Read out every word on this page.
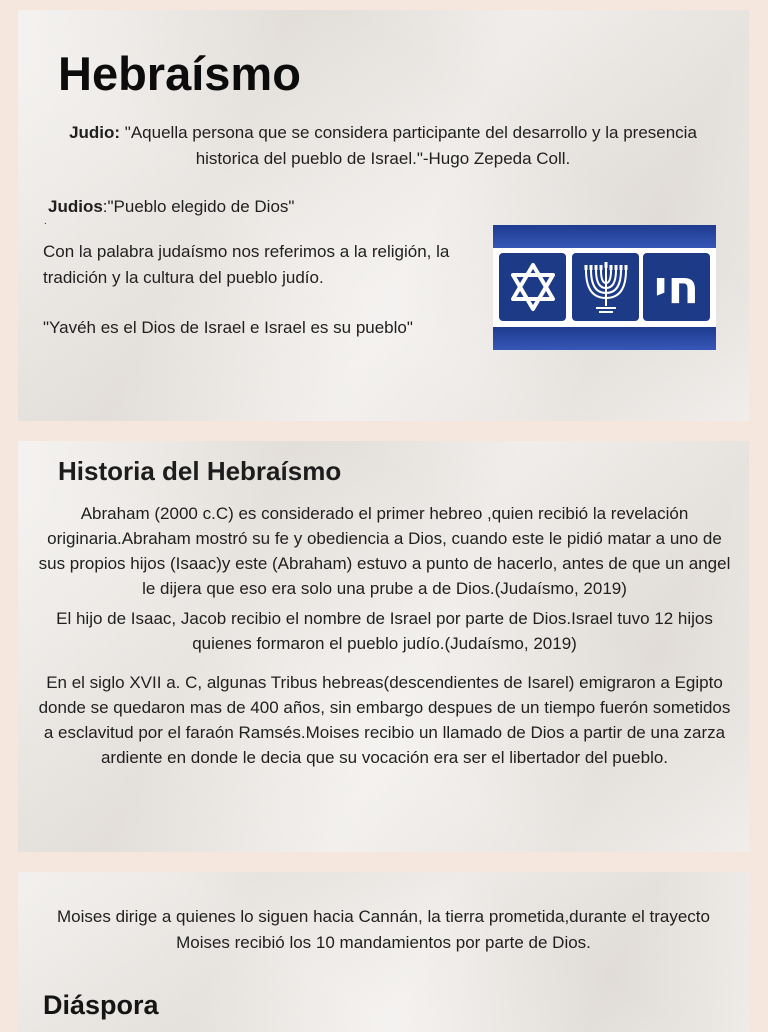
Hebraísmo

Judio: "Aquella persona que se considera participante del desarrollo y la presencia historica del pueblo de Israel."-Hugo Zepeda Coll.

Judios:"Pueblo elegido de Dios"

.

Con la palabra judaísmo nos referimos a la religión, la tradición y la cultura del pueblo judío.

"Yavéh es el Dios de Israel e Israel es su pueblo"

חי
Historia del Hebraísmo

Abraham (2000 c.C) es considerado el primer hebreo ,quien recibió la revelación originaria.Abraham mostró su fe y obediencia a Dios, cuando este le pidió matar a uno de sus propios hijos (Isaac)y este (Abraham) estuvo a punto de hacerlo, antes de que un angel le dijera que eso era solo una prube a de Dios.(Judaísmo, 2019)

El hijo de Isaac, Jacob recibio el nombre de Israel por parte de Dios.Israel tuvo 12 hijos quienes formaron el pueblo judío.(Judaísmo, 2019)

En el siglo XVII a. C, algunas Tribus hebreas(descendientes de Isarel) emigraron a Egipto donde se quedaron mas de 400 años, sin embargo despues de un tiempo fuerón sometidos a esclavitud por el faraón Ramsés.Moises recibio un llamado de Dios a partir de una zarza ardiente en donde le decia que su vocación era ser el libertador del pueblo.

Moises dirige a quienes lo siguen hacia Cannán, la tierra prometida,durante el trayecto Moises recibió los 10 mandamientos por parte de Dios.

Diáspora
